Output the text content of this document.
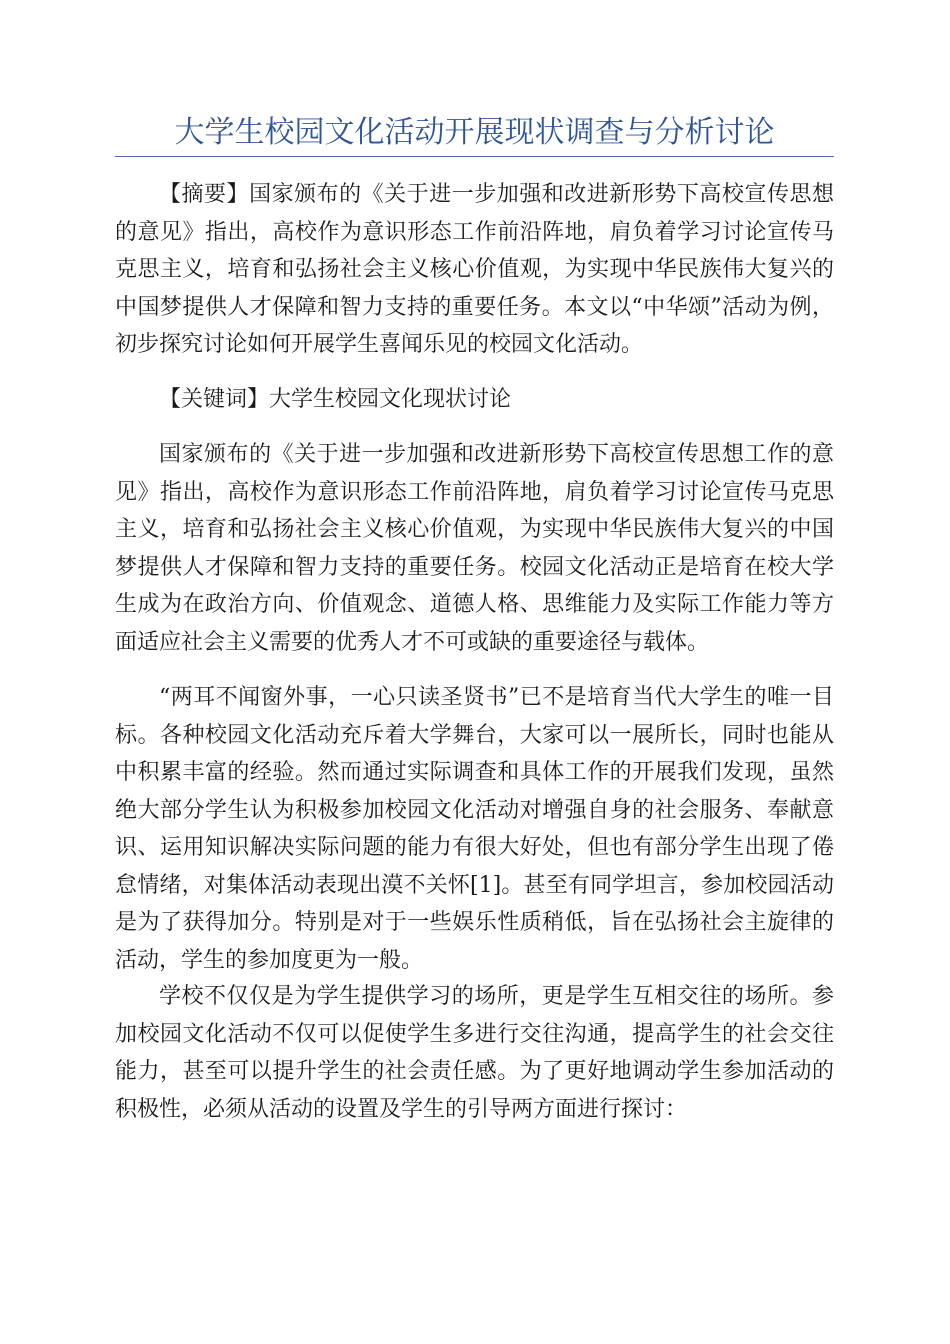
大学生校园文化活动开展现状调查与分析讨论

【摘要】国家颁布的《关于进一步加强和改进新形势下高校宣传思想的意见》指出，高校作为意识形态工作前沿阵地，肩负着学习讨论宣传马克思主义，培育和弘扬社会主义核心价值观，为实现中华民族伟大复兴的中国梦提供人才保障和智力支持的重要任务。本文以“中华颂”活动为例，初步探究讨论如何开展学生喜闻乐见的校园文化活动。

【关键词】大学生校园文化现状讨论

国家颁布的《关于进一步加强和改进新形势下高校宣传思想工作的意见》指出，高校作为意识形态工作前沿阵地，肩负着学习讨论宣传马克思主义，培育和弘扬社会主义核心价值观，为实现中华民族伟大复兴的中国梦提供人才保障和智力支持的重要任务。校园文化活动正是培育在校大学生成为在政治方向、价值观念、道德人格、思维能力及实际工作能力等方面适应社会主义需要的优秀人才不可或缺的重要途径与载体。

“两耳不闻窗外事，一心只读圣贤书”已不是培育当代大学生的唯一目标。各种校园文化活动充斥着大学舞台，大家可以一展所长，同时也能从中积累丰富的经验。然而通过实际调查和具体工作的开展我们发现，虽然绝大部分学生认为积极参加校园文化活动对增强自身的社会服务、奉献意识、运用知识解决实际问题的能力有很大好处，但也有部分学生出现了倦怠情绪，对集体活动表现出漠不关怀[1]。甚至有同学坦言，参加校园活动是为了获得加分。特别是对于一些娱乐性质稍低，旨在弘扬社会主旋律的活动，学生的参加度更为一般。

学校不仅仅是为学生提供学习的场所，更是学生互相交往的场所。参加校园文化活动不仅可以促使学生多进行交往沟通，提高学生的社会交往能力，甚至可以提升学生的社会责任感。为了更好地调动学生参加活动的积极性，必须从活动的设置及学生的引导两方面进行探讨：
